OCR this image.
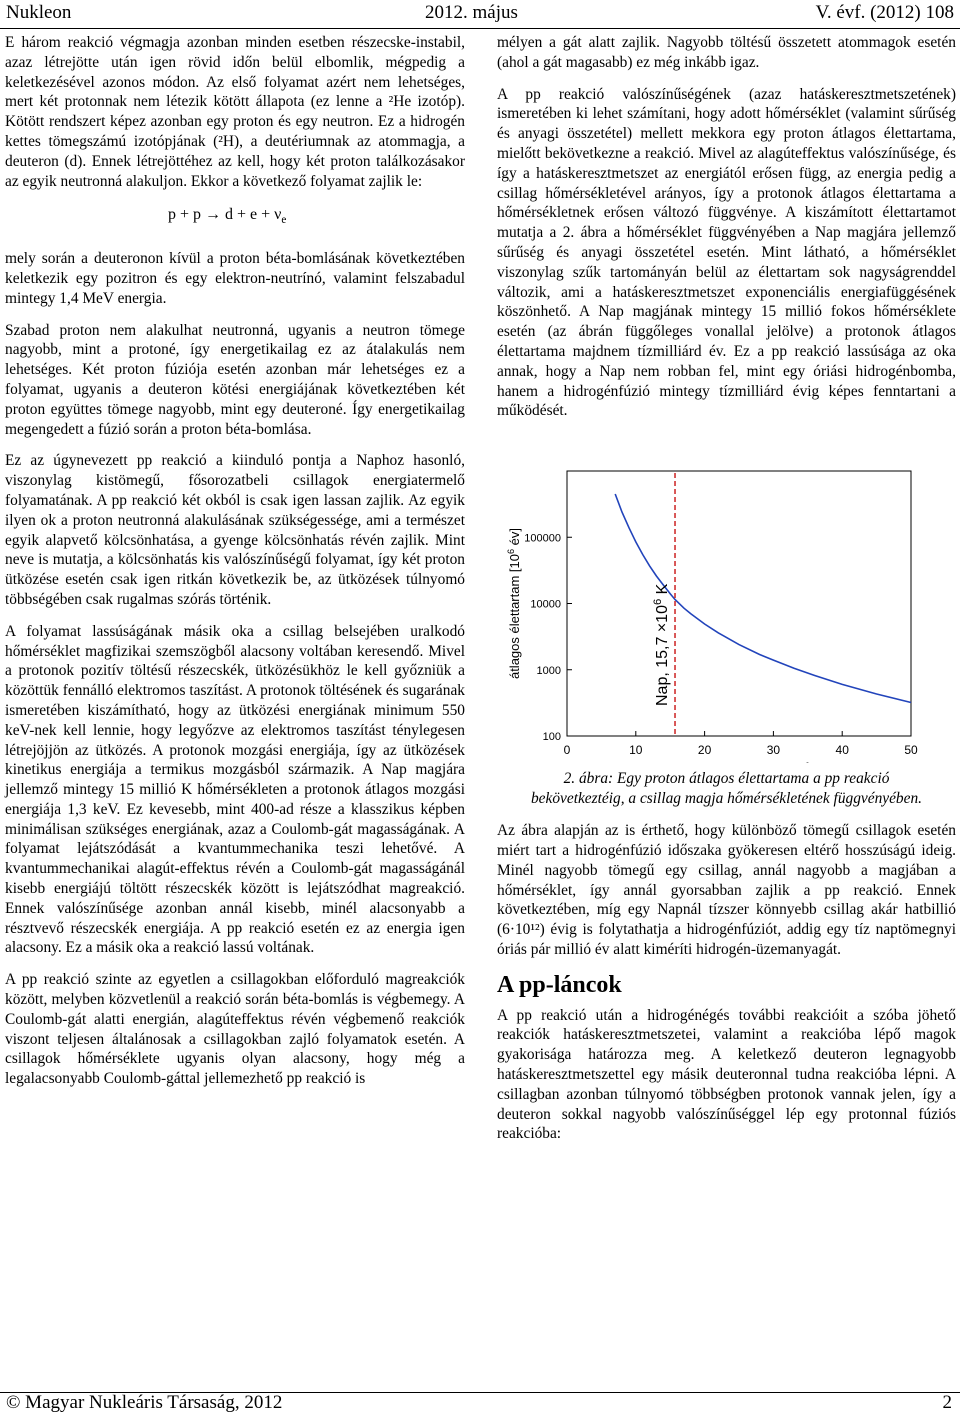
Nukleon	2012. május	V. évf. (2012) 108

E három reakció végmagja azonban minden esetben részecske-instabil, azaz létrejötte után igen rövid időn belül elbomlik, mégpedig a keletkezésével azonos módon. Az első folyamat azért nem lehetséges, mert két protonnak nem létezik kötött állapota (ez lenne a ²He izotóp). Kötött rendszert képez azonban egy proton és egy neutron. Ez a hidrogén kettes tömegszámú izotópjának (²H), a deutériumnak az atommagja, a deuteron (d). Ennek létrejöttéhez az kell, hogy két proton találkozásakor az egyik neutronná alakuljon. Ekkor a következő folyamat zajlik le:

$p + p \to d + e + \nu_e$

mely során a deuteronon kívül a proton béta-bomlásának következtében keletkezik egy pozitron és egy elektron-neutrínó, valamint felszabadul mintegy 1,4 MeV energia.

Szabad proton nem alakulhat neutronná, ugyanis a neutron tömege nagyobb, mint a protoné, így energetikailag ez az átalakulás nem lehetséges. Két proton fúziója esetén azonban már lehetséges ez a folyamat, ugyanis a deuteron kötési energiájának következtében két proton együttes tömege nagyobb, mint egy deuteroné. Így energetikailag megengedett a fúzió során a proton béta-bomlása.

Ez az úgynevezett pp reakció a kiinduló pontja a Naphoz hasonló, viszonylag kistömegű, fősorozatbeli csillagok energiatermelő folyamatának. A pp reakció két okból is csak igen lassan zajlik. Az egyik ilyen ok a proton neutronná alakulásának szükségessége, ami a természet egyik alapvető kölcsönhatása, a gyenge kölcsönhatás révén zajlik. Mint neve is mutatja, a kölcsönhatás kis valószínűségű folyamat, így két proton ütközése esetén csak igen ritkán következik be, az ütközések túlnyomó többségében csak rugalmas szórás történik.

A folyamat lassúságának másik oka a csillag belsejében uralkodó hőmérséklet magfizikai szemszögből alacsony voltában keresendő. Mivel a protonok pozitív töltésű részecskék, ütközésükhöz le kell győzniük a közöttük fennálló elektromos taszítást. A protonok töltésének és sugarának ismeretében kiszámítható, hogy az ütközési energiának minimum 550 keV-nek kell lennie, hogy legyőzve az elektromos taszítást ténylegesen létrejöjjön az ütközés. A protonok mozgási energiája, így az ütközések kinetikus energiája a termikus mozgásból származik. A Nap magjára jellemző mintegy 15 millió K hőmérsékleten a protonok átlagos mozgási energiája 1,3 keV. Ez kevesebb, mint 400-ad része a klasszikus képben minimálisan szükséges energiának, azaz a Coulomb-gát magasságának. A folyamat lejátszódását a kvantummechanika teszi lehetővé. A kvantummechanikai alagút-effektus révén a Coulomb-gát magasságánál kisebb energiájú töltött részecskék között is lejátszódhat magreakció. Ennek valószínűsége azonban annál kisebb, minél alacsonyabb a résztvevő részecskék energiája. A pp reakció esetén ez az energia igen alacsony. Ez a másik oka a reakció lassú voltának.

A pp reakció szinte az egyetlen a csillagokban előforduló magreakciók között, melyben közvetlenül a reakció során béta-bomlás is végbemegy. A Coulomb-gát alatti energián, alagúteffektus révén végbemenő reakciók viszont teljesen általánosak a csillagokban zajló folyamatok esetén. A csillagok hőmérséklete ugyanis olyan alacsony, hogy még a legalacsonyabb Coulomb-gáttal jellemezhető pp reakció is

mélyen a gát alatt zajlik. Nagyobb töltésű összetett atommagok esetén (ahol a gát magasabb) ez még inkább igaz.

A pp reakció valószínűségének (azaz hatáskeresztmetszetének) ismeretében ki lehet számítani, hogy adott hőmérséklet (valamint sűrűség és anyagi összetétel) mellett mekkora egy proton átlagos élettartama, mielőtt bekövetkezne a reakció. Mivel az alagúteffektus valószínűsége, és így a hatáskeresztmetszet az energiától erősen függ, az energia pedig a csillag hőmérsékletével arányos, így a protonok átlagos élettartama a hőmérsékletnek erősen változó függvénye. A kiszámított élettartamot mutatja a 2. ábra a hőmérséklet függvényében a Nap magjára jellemző sűrűség és anyagi összetétel esetén. Mint látható, a hőmérséklet viszonylag szűk tartományán belül az élettartam sok nagyságrenddel változik, ami a hatáskeresztmetszet exponenciális energiafüggésének köszönhető. A Nap magjának mintegy 15 millió fokos hőmérséklete esetén (az ábrán függőleges vonallal jelölve) a protonok átlagos élettartama majdnem tízmilliárd év. Ez a pp reakció lassúsága az oka annak, hogy a Nap nem robban fel, mint egy óriási hidrogénbomba, hanem a hidrogénfúzió mintegy tízmilliárd évig képes fenntartani a működését.

0	10	20	30	40	50
100
1000
10000
100000
Nap, $15,7 \times 10^6$ K
átlagos élettartam [$10^6$ év]

2. ábra: Egy proton átlagos élettartama a pp reakció
bekövetkeztéig, a csillag magja hőmérsékletének függvényében.

Az ábra alapján az is érthető, hogy különböző tömegű csillagok esetén miért tart a hidrogénfúzió időszaka gyökeresen eltérő hosszúságú ideig. Minél nagyobb tömegű egy csillag, annál nagyobb a magjában a hőmérséklet, így annál gyorsabban zajlik a pp reakció. Ennek következtében, míg egy Napnál tízszer könnyebb csillag akár hatbillió (6·10¹²) évig is folytathatja a hidrogénfúziót, addig egy tíz naptömegnyi óriás pár millió év alatt kiméríti hidrogén-üzemanyagát.

A pp-láncok

A pp reakció után a hidrogénégés további reakcióit a szóba jöhető reakciók hatáskeresztmetszetei, valamint a reakcióba lépő magok gyakorisága határozza meg. A keletkező deuteron legnagyobb hatáskeresztmetszettel egy másik deuteronnal tudna reakcióba lépni. A csillagban azonban túlnyomó többségben protonok vannak jelen, így a deuteron sokkal nagyobb valószínűséggel lép egy protonnal fúziós reakcióba:

© Magyar Nukleáris Társaság, 2012	2
